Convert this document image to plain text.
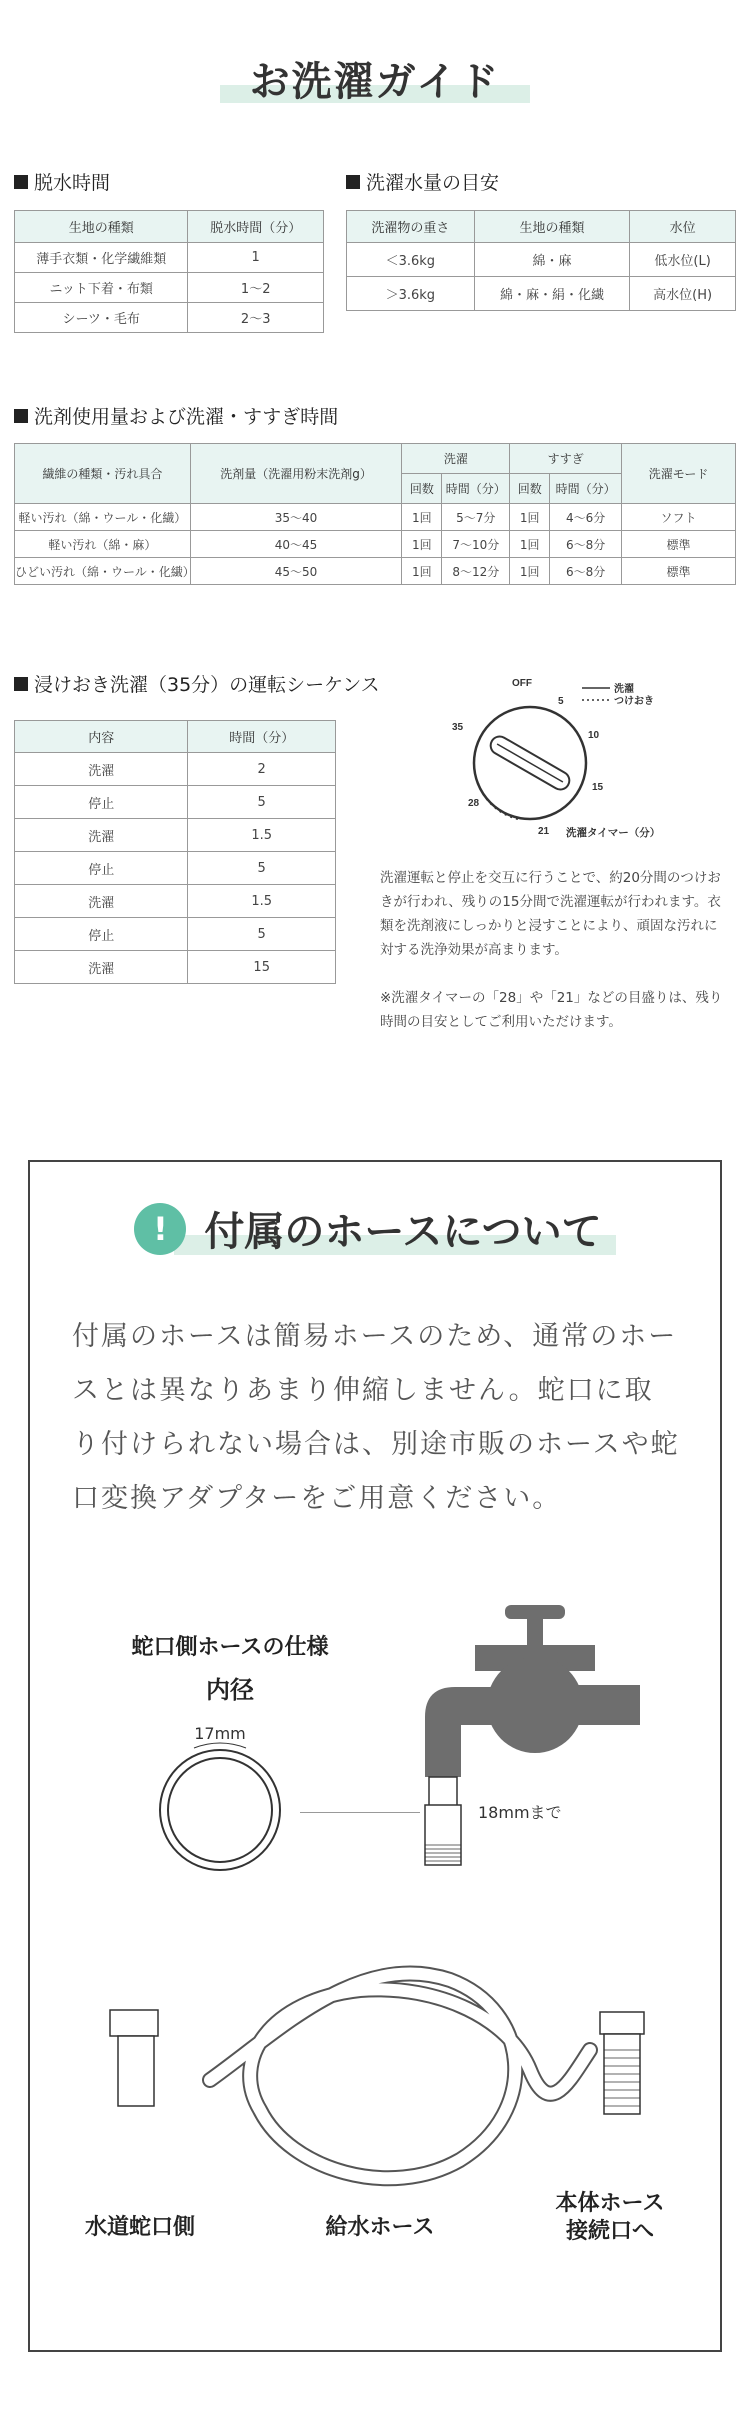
お洗濯ガイド
脱水時間
生地の種類	脱水時間（分）
薄手衣類・化学繊維類	1
ニット下着・布類	1〜2
シーツ・毛布	2〜3
洗濯水量の目安
洗濯物の重さ	生地の種類	水位
＜3.6kg	綿・麻	低水位(L)
＞3.6kg	綿・麻・絹・化繊	高水位(H)
洗剤使用量および洗濯・すすぎ時間
繊維の種類・汚れ具合	洗剤量（洗濯用粉末洗剤g）	洗濯		すすぎ		洗濯モード
		回数	時間（分）	回数	時間（分）	
軽い汚れ（綿・ウール・化繊）	35〜40	1回	5〜7分	1回	4〜6分	ソフト
軽い汚れ（綿・麻）	40〜45	1回	7〜10分	1回	6〜8分	標準
ひどい汚れ（綿・ウール・化繊）	45〜50	1回	8〜12分	1回	6〜8分	標準
浸けおき洗濯（35分）の運転シーケンス
内容	時間（分）
洗濯	2
停止	5
洗濯	1.5
停止	5
洗濯	1.5
停止	5
洗濯	15
OFF
5
10
15
21
28
35
洗濯
つけおき
洗濯タイマー（分）
洗濯運転と停止を交互に行うことで、約20分間のつけおきが行われ、残りの15分間で洗濯運転が行われます。衣類を洗剤液にしっかりと浸すことにより、頑固な汚れに対する洗浄効果が高まります。
※洗濯タイマーの「28」や「21」などの目盛りは、残り時間の目安としてご利用いただけます。
! 付属のホースについて
付属のホースは簡易ホースのため、通常のホースとは異なりあまり伸縮しません。蛇口に取り付けられない場合は、別途市販のホースや蛇口変換アダプターをご用意ください。
蛇口側ホースの仕様
内径
17mm
18mmまで
水道蛇口側	給水ホース
本体ホース接続口へ
